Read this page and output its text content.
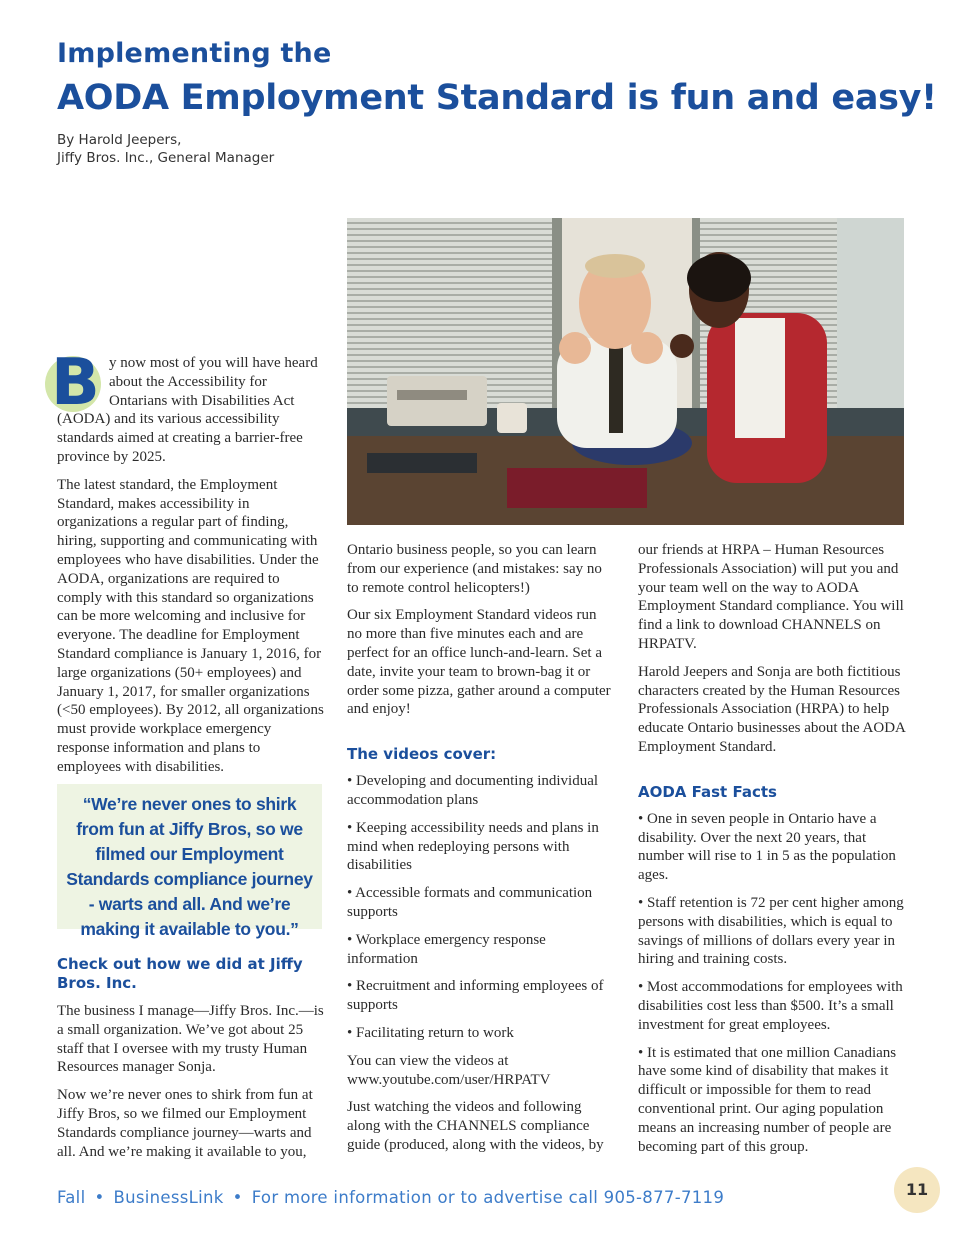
Implementing the
AODA Employment Standard is fun and easy!
By Harold Jeepers,
Jiffy Bros. Inc., General Manager

B y now most of you will have heard about the Accessibility for Ontarians with Disabilities Act (AODA) and its various accessibility standards aimed at creating a barrier-free province by 2025.

The latest standard, the Employment Standard, makes accessibility in organizations a regular part of finding, hiring, supporting and communicating with employees who have disabilities. Under the AODA, organizations are required to comply with this standard so organizations can be more welcoming and inclusive for everyone. The deadline for Employment Standard compliance is January 1, 2016, for large organizations (50+ employees) and January 1, 2017, for smaller organizations (<50 employees). By 2012, all organizations must provide workplace emergency response information and plans to employees with disabilities.

“We’re never ones to shirk from fun at Jiffy Bros, so we filmed our Employment Standards compliance journey - warts and all. And we’re making it available to you.”
Check out how we did at Jiffy Bros. Inc.

The business I manage—Jiffy Bros. Inc.—is a small organization. We’ve got about 25 staff that I oversee with my trusty Human Resources manager Sonja.

Now we’re never ones to shirk from fun at Jiffy Bros, so we filmed our Employment Standards compliance journey—warts and all. And we’re making it available to you,

Ontario business people, so you can learn from our experience (and mistakes: say no to remote control helicopters!)

Our six Employment Standard videos run no more than five minutes each and are perfect for an office lunch-and-learn. Set a date, invite your team to brown-bag it or order some pizza, gather around a computer and enjoy!

The videos cover:
• Developing and documenting individual accommodation plans
• Keeping accessibility needs and plans in mind when redeploying persons with disabilities
• Accessible formats and communication supports
• Workplace emergency response information
• Recruitment and informing employees of supports
• Facilitating return to work

You can view the videos at www.youtube.com/user/HRPATV

Just watching the videos and following along with the CHANNELS compliance guide (produced, along with the videos, by

our friends at HRPA – Human Resources Professionals Association) will put you and your team well on the way to AODA Employment Standard compliance. You will find a link to download CHANNELS on HRPATV.

Harold Jeepers and Sonja are both fictitious characters created by the Human Resources Professionals Association (HRPA) to help educate Ontario businesses about the AODA Employment Standard.

AODA Fast Facts
• One in seven people in Ontario have a disability. Over the next 20 years, that number will rise to 1 in 5 as the population ages.
• Staff retention is 72 per cent higher among persons with disabilities, which is equal to savings of millions of dollars every year in hiring and training costs.
• Most accommodations for employees with disabilities cost less than $500. It’s a small investment for great employees.
• It is estimated that one million Canadians have some kind of disability that makes it difficult or impossible for them to read conventional print. Our aging population means an increasing number of people are becoming part of this group.
Fall • BusinessLink • For more information or to advertise call 905-877-7119	11
